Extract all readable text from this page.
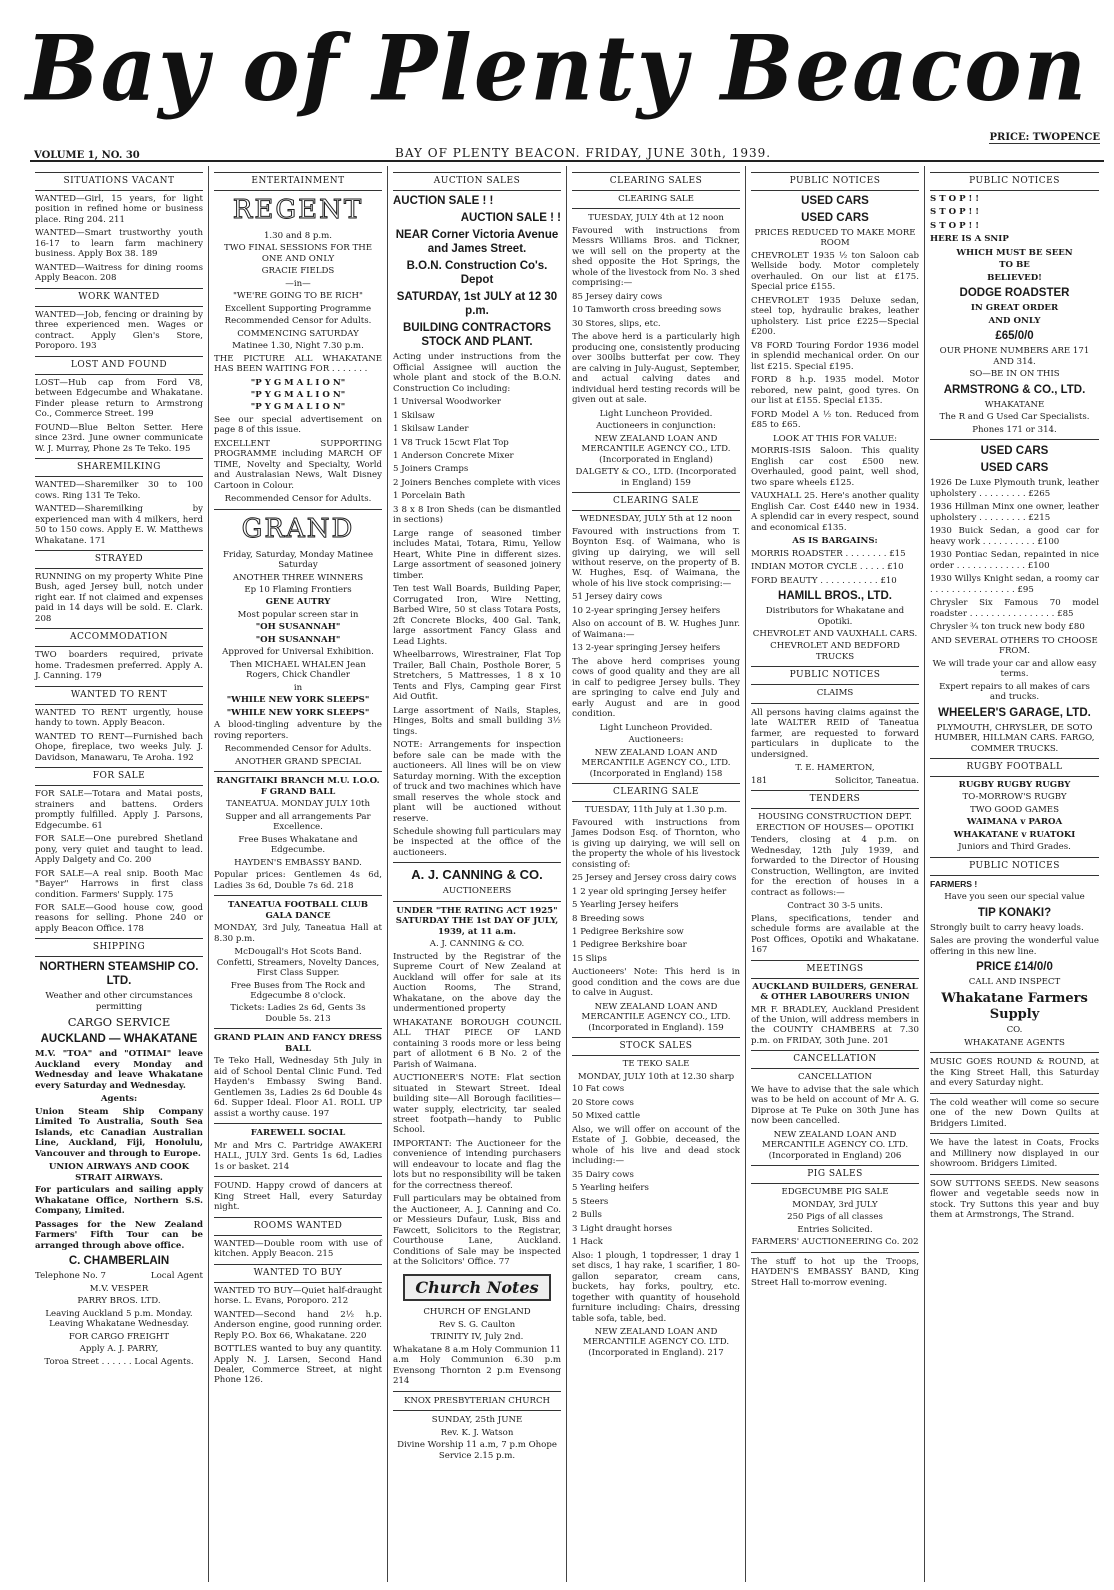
Bay of Plenty Beacon
PRICE: TWOPENCE
VOLUME 1, NO. 30	BAY OF PLENTY BEACON. FRIDAY, JUNE 30th, 1939.
SITUATIONS VACANT

WANTED—Girl, 15 years, for light position in refined home or business place. Ring 204. 211

WANTED—Smart trustworthy youth 16-17 to learn farm machinery business. Apply Box 38. 189

WANTED—Waitress for dining rooms Apply Beacon. 208

WORK WANTED

WANTED—Job, fencing or draining by three experienced men. Wages or contract. Apply Glen's Store, Poroporo. 193

LOST AND FOUND

LOST—Hub cap from Ford V8, between Edgecumbe and Whakatane. Finder please return to Armstrong Co., Commerce Street. 199

FOUND—Blue Belton Setter. Here since 23rd. June owner communicate W. J. Murray, Phone 2s Te Teko. 195

SHAREMILKING

WANTED—Sharemilker 30 to 100 cows. Ring 131 Te Teko.

WANTED—Sharemilking by experienced man with 4 milkers, herd 50 to 150 cows. Apply E. W. Matthews Whakatane. 171

STRAYED

RUNNING on my property White Pine Bush, aged Jersey bull, notch under right ear. If not claimed and expenses paid in 14 days will be sold. E. Clark. 208

ACCOMMODATION

TWO boarders required, private home. Tradesmen preferred. Apply A. J. Canning. 179

WANTED TO RENT

WANTED TO RENT urgently, house handy to town. Apply Beacon.

WANTED TO RENT—Furnished bach Ohope, fireplace, two weeks July. J. Davidson, Manawaru, Te Aroha. 192

FOR SALE

FOR SALE—Totara and Matai posts, strainers and battens. Orders promptly fulfilled. Apply J. Parsons, Edgecumbe. 61

FOR SALE—One purebred Shetland pony, very quiet and taught to lead. Apply Dalgety and Co. 200

FOR SALE—A real snip. Booth Mac "Bayer" Harrows in first class condition. Farmers' Supply. 175

FOR SALE—Good house cow, good reasons for selling. Phone 240 or apply Beacon Office. 178

SHIPPING
NORTHERN STEAMSHIP CO. LTD.

Weather and other circumstances permitting

CARGO SERVICE
AUCKLAND — WHAKATANE

M.V. "TOA" and "OTIMAI" leave Auckland every Monday and Wednesday and leave Whakatane every Saturday and Wednesday.

Agents:

Union Steam Ship Company Limited To Australia, South Sea Islands, etc Canadian Australian Line, Auckland, Fiji, Honolulu, Vancouver and through to Europe.

UNION AIRWAYS AND COOK STRAIT AIRWAYS.

For particulars and sailing apply Whakatane Office, Northern S.S. Company, Limited.

Passages for the New Zealand Farmers' Fifth Tour can be arranged through above office.

C. CHAMBERLAIN
Telephone No. 7	Local Agent

M.V. VESPER

PARRY BROS. LTD.

Leaving Auckland 5 p.m. Monday. Leaving Whakatane Wednesday.

FOR CARGO FREIGHT

Apply A. J. PARRY,

Toroa Street . . . . . . Local Agents.

ENTERTAINMENT
REGENT

1.30 and 8 p.m.

TWO FINAL SESSIONS FOR THE ONE AND ONLY

GRACIE FIELDS

—in—

"WE'RE GOING TO BE RICH"

Excellent Supporting Programme

Recommended Censor for Adults.

COMMENCING SATURDAY

Matinee 1.30, Night 7.30 p.m.

THE PICTURE ALL WHAKATANE HAS BEEN WAITING FOR . . . . . . .

"P Y G M A L I O N"

"P Y G M A L I O N"

"P Y G M A L I O N"

See our special advertisement on page 8 of this issue.

EXCELLENT SUPPORTING PROGRAMME including MARCH OF TIME, Novelty and Specialty, World and Australasian News, Walt Disney Cartoon in Colour.

Recommended Censor for Adults.

GRAND

Friday, Saturday, Monday Matinee Saturday

ANOTHER THREE WINNERS

Ep 10 Flaming Frontiers

GENE AUTRY

Most popular screen star in

"OH SUSANNAH"

"OH SUSANNAH"

Approved for Universal Exhibition.

Then MICHAEL WHALEN Jean Rogers, Chick Chandler

in

"WHILE NEW YORK SLEEPS"

"WHILE NEW YORK SLEEPS"

A blood-tingling adventure by the roving reporters.

Recommended Censor for Adults.

ANOTHER GRAND SPECIAL

RANGITAIKI BRANCH M.U. I.O.O. F GRAND BALL

TANEATUA. MONDAY JULY 10th

Supper and all arrangements Par Excellence.

Free Buses Whakatane and Edgecumbe.

HAYDEN'S EMBASSY BAND.

Popular prices: Gentlemen 4s 6d, Ladies 3s 6d, Double 7s 6d. 218

TANEATUA FOOTBALL CLUB GALA DANCE

MONDAY, 3rd July, Taneatua Hall at 8.30 p.m.

McDougall's Hot Scots Band. Confetti, Streamers, Novelty Dances, First Class Supper.

Free Buses from The Rock and Edgecumbe 8 o'clock.

Tickets: Ladies 2s 6d, Gents 3s Double 5s. 213

GRAND PLAIN AND FANCY DRESS BALL

Te Teko Hall, Wednesday 5th July in aid of School Dental Clinic Fund. Ted Hayden's Embassy Swing Band. Gentlemen 3s, Ladies 2s 6d Double 4s 6d. Supper Ideal. Floor A1. ROLL UP assist a worthy cause. 197

FAREWELL SOCIAL

Mr and Mrs C. Partridge AWAKERI HALL, JULY 3rd. Gents 1s 6d, Ladies 1s or basket. 214

FOUND. Happy crowd of dancers at King Street Hall, every Saturday night.

ROOMS WANTED

WANTED—Double room with use of kitchen. Apply Beacon. 215

WANTED TO BUY

WANTED TO BUY—Quiet half-draught horse. L. Evans, Poroporo. 212

WANTED—Second hand 2½ h.p. Anderson engine, good running order. Reply P.O. Box 66, Whakatane. 220

BOTTLES wanted to buy any quantity. Apply N. J. Larsen, Second Hand Dealer, Commerce Street, at night Phone 126.

AUCTION SALES
AUCTION SALE ! !
AUCTION SALE ! !
NEAR Corner Victoria Avenue and James Street.
B.O.N. Construction Co's. Depot
SATURDAY, 1st JULY at 12 30 p.m.
BUILDING CONTRACTORS STOCK AND PLANT.

Acting under instructions from the Official Assignee will auction the whole plant and stock of the B.O.N. Construction Co including:

1 Universal Woodworker

1 Skilsaw

1 Skilsaw Lander

1 V8 Truck 15cwt Flat Top

1 Anderson Concrete Mixer

5 Joiners Cramps

2 Joiners Benches complete with vices

1 Porcelain Bath

3 8 x 8 Iron Sheds (can be dismantled in sections)

Large range of seasoned timber includes Matai, Totara, Rimu, Yellow Heart, White Pine in different sizes. Large assortment of seasoned joinery timber.

Ten test Wall Boards, Building Paper, Corrugated Iron, Wire Netting, Barbed Wire, 50 st class Totara Posts, 2ft Concrete Blocks, 400 Gal. Tank, large assortment Fancy Glass and Lead Lights.

Wheelbarrows, Wirestrainer, Flat Top Trailer, Ball Chain, Posthole Borer, 5 Stretchers, 5 Mattresses, 1 8 x 10 Tents and Flys, Camping gear First Aid Outfit.

Large assortment of Nails, Staples, Hinges, Bolts and small building 3½ tings.

NOTE: Arrangements for inspection before sale can be made with the auctioneers. All lines will be on view Saturday morning. With the exception of truck and two machines which have small reserves the whole stock and plant will be auctioned without reserve.

Schedule showing full particulars may be inspected at the office of the auctioneers.

A. J. CANNING & CO.

AUCTIONEERS

UNDER "THE RATING ACT 1925" SATURDAY THE 1st DAY OF JULY, 1939, at 11 a.m.

A. J. CANNING & CO.

Instructed by the Registrar of the Supreme Court of New Zealand at Auckland will offer for sale at its Auction Rooms, The Strand, Whakatane, on the above day the undermentioned property

WHAKATANE BOROUGH COUNCIL ALL THAT PIECE OF LAND containing 3 roods more or less being part of allotment 6 B No. 2 of the Parish of Waimana.

AUCTIONEER'S NOTE: Flat section situated in Stewart Street. Ideal building site—All Borough facilities—water supply, electricity, tar sealed street footpath—handy to Public School.

IMPORTANT: The Auctioneer for the convenience of intending purchasers will endeavour to locate and flag the lots but no responsibility will be taken for the correctness thereof.

Full particulars may be obtained from the Auctioneer, A. J. Canning and Co. or Messieurs Dufaur, Lusk, Biss and Fawcett, Solicitors to the Registrar, Courthouse Lane, Auckland. Conditions of Sale may be inspected at the Solicitors' Office. 77

Church Notes

CHURCH OF ENGLAND

Rev S. G. Caulton

TRINITY IV, July 2nd.

Whakatane 8 a.m Holy Communion 11 a.m Holy Communion 6.30 p.m Evensong Thornton 2 p.m Evensong 214

KNOX PRESBYTERIAN CHURCH

SUNDAY, 25th JUNE

Rev. K. J. Watson

Divine Worship 11 a.m, 7 p.m Ohope Service 2.15 p.m.

CLEARING SALES

CLEARING SALE

TUESDAY, JULY 4th at 12 noon

Favoured with instructions from Messrs Williams Bros. and Tickner, we will sell on the property at the shed opposite the Hot Springs, the whole of the livestock from No. 3 shed comprising:—

85 Jersey dairy cows

10 Tamworth cross breeding sows

30 Stores, slips, etc.

The above herd is a particularly high producing one, consistently producing over 300lbs butterfat per cow. They are calving in July-August, September, and actual calving dates and individual herd testing records will be given out at sale.

Light Luncheon Provided.

Auctioneers in conjunction:

NEW ZEALAND LOAN AND MERCANTILE AGENCY CO., LTD. (Incorporated in England)

DALGETY & CO., LTD. (Incorporated in England) 159

CLEARING SALE

WEDNESDAY, JULY 5th at 12 noon

Favoured with instructions from T. Boynton Esq. of Waimana, who is giving up dairying, we will sell without reserve, on the property of B. W. Hughes, Esq. of Waimana, the whole of his live stock comprising:—

51 Jersey dairy cows

10 2-year springing Jersey heifers

Also on account of B. W. Hughes Junr. of Waimana:—

13 2-year springing Jersey heifers

The above herd comprises young cows of good quality and they are all in calf to pedigree Jersey bulls. They are springing to calve end July and early August and are in good condition.

Light Luncheon Provided.

Auctioneers:

NEW ZEALAND LOAN AND MERCANTILE AGENCY CO., LTD. (Incorporated in England) 158

CLEARING SALE

TUESDAY, 11th July at 1.30 p.m.

Favoured with instructions from James Dodson Esq. of Thornton, who is giving up dairying, we will sell on the property the whole of his livestock consisting of:

25 Jersey and Jersey cross dairy cows

1 2 year old springing Jersey heifer

5 Yearling Jersey heifers

8 Breeding sows

1 Pedigree Berkshire sow

1 Pedigree Berkshire boar

15 Slips

Auctioneers' Note: This herd is in good condition and the cows are due to calve in August.

NEW ZEALAND LOAN AND MERCANTILE AGENCY CO., LTD. (Incorporated in England). 159

STOCK SALES

TE TEKO SALE

MONDAY, JULY 10th at 12.30 sharp

10 Fat cows

20 Store cows

50 Mixed cattle

Also, we will offer on account of the Estate of J. Gobbie, deceased, the whole of his live and dead stock including:—

35 Dairy cows

5 Yearling heifers

5 Steers

2 Bulls

3 Light draught horses

1 Hack

Also: 1 plough, 1 topdresser, 1 dray 1 set discs, 1 hay rake, 1 scarifier, 1 80-gallon separator, cream cans, buckets, hay forks, poultry, etc. together with quantity of household furniture including: Chairs, dressing table sofa, table, bed.

NEW ZEALAND LOAN AND MERCANTILE AGENCY CO. LTD. (Incorporated in England). 217

PUBLIC NOTICES
USED CARS
USED CARS

PRICES REDUCED TO MAKE MORE ROOM

CHEVROLET 1935 ½ ton Saloon cab Wellside body. Motor completely overhauled. On our list at £175. Special price £155.

CHEVROLET 1935 Deluxe sedan, steel top, hydraulic brakes, leather upholstery. List price £225—Special £200.

V8 FORD Touring Fordor 1936 model in splendid mechanical order. On our list £215. Special £195.

FORD 8 h.p. 1935 model. Motor rebored, new paint, good tyres. On our list at £155. Special £135.

FORD Model A ½ ton. Reduced from £85 to £65.

LOOK AT THIS FOR VALUE:

MORRIS-ISIS Saloon. This quality English car cost £500 new. Overhauled, good paint, well shod, two spare wheels £125.

VAUXHALL 25. Here's another quality English Car. Cost £440 new in 1934. A splendid car in every respect, sound and economical £135.

AS IS BARGAINS:

MORRIS ROADSTER . . . . . . . . £15

INDIAN MOTOR CYCLE . . . . . £10

FORD BEAUTY . . . . . . . . . . . £10

HAMILL BROS., LTD.

Distributors for Whakatane and Opotiki.

CHEVROLET AND VAUXHALL CARS.

CHEVROLET AND BEDFORD TRUCKS

PUBLIC NOTICES

CLAIMS

All persons having claims against the late WALTER REID of Taneatua farmer, are requested to forward particulars in duplicate to the undersigned.

T. E. HAMERTON,

181	Solicitor, Taneatua.
TENDERS

HOUSING CONSTRUCTION DEPT. ERECTION OF HOUSES— OPOTIKI

Tenders, closing at 4 p.m. on Wednesday, 12th July 1939, and forwarded to the Director of Housing Construction, Wellington, are invited for the erection of houses in a contract as follows:—

Contract 30 3-5 units.

Plans, specifications, tender and schedule forms are available at the Post Offices, Opotiki and Whakatane. 167

MEETINGS

AUCKLAND BUILDERS, GENERAL & OTHER LABOURERS UNION

MR F. BRADLEY, Auckland President of the Union, will address members in the COUNTY CHAMBERS at 7.30 p.m. on FRIDAY, 30th June. 201

CANCELLATION

CANCELLATION

We have to advise that the sale which was to be held on account of Mr A. G. Diprose at Te Puke on 30th June has now been cancelled.

NEW ZEALAND LOAN AND MERCANTILE AGENCY CO. LTD. (Incorporated in England) 206

PIG SALES

EDGECUMBE PIG SALE

MONDAY, 3rd JULY

250 Pigs of all classes

Entries Solicited.

FARMERS' AUCTIONEERING Co. 202

The stuff to hot up the Troops, HAYDEN'S EMBASSY BAND, King Street Hall to-morrow evening.

PUBLIC NOTICES

S T O P ! !

S T O P ! !

S T O P ! !

HERE IS A SNIP

WHICH MUST BE SEEN

TO BE

BELIEVED!

DODGE ROADSTER

IN GREAT ORDER

AND ONLY

£65/0/0

OUR PHONE NUMBERS ARE 171 AND 314.

SO—BE IN ON THIS

ARMSTRONG & CO., LTD.

WHAKATANE

The R and G Used Car Specialists.

Phones 171 or 314.

USED CARS
USED CARS

1926 De Luxe Plymouth trunk, leather upholstery . . . . . . . . . £265

1936 Hillman Minx one owner, leather upholstery . . . . . . . . . £215

1930 Buick Sedan, a good car for heavy work . . . . . . . . . . £100

1930 Pontiac Sedan, repainted in nice order . . . . . . . . . . . . . £100

1930 Willys Knight sedan, a roomy car . . . . . . . . . . . . . . . . £95

Chrysler Six Famous 70 model roadster . . . . . . . . . . . . . . . . £85

Chrysler ¾ ton truck new body £80

AND SEVERAL OTHERS TO CHOOSE FROM.

We will trade your car and allow easy terms.

Expert repairs to all makes of cars and trucks.

WHEELER'S GARAGE, LTD.

PLYMOUTH, CHRYSLER, DE SOTO HUMBER, HILLMAN CARS. FARGO, COMMER TRUCKS.

RUGBY FOOTBALL

RUGBY RUGBY RUGBY

TO-MORROW'S RUGBY

TWO GOOD GAMES

WAIMANA v PAROA

WHAKATANE v RUATOKI

Juniors and Third Grades.

PUBLIC NOTICES

FARMERS !

Have you seen our special value

TIP KONAKI?

Strongly built to carry heavy loads.

Sales are proving the wonderful value offering in this new line.

PRICE £14/0/0

CALL AND INSPECT

Whakatane Farmers Supply

CO.

WHAKATANE AGENTS

MUSIC GOES ROUND & ROUND, at the King Street Hall, this Saturday and every Saturday night.

The cold weather will come so secure one of the new Down Quilts at Bridgers Limited.

We have the latest in Coats, Frocks and Millinery now displayed in our showroom. Bridgers Limited.

SOW SUTTONS SEEDS. New seasons flower and vegetable seeds now in stock. Try Suttons this year and buy them at Armstrongs, The Strand.
